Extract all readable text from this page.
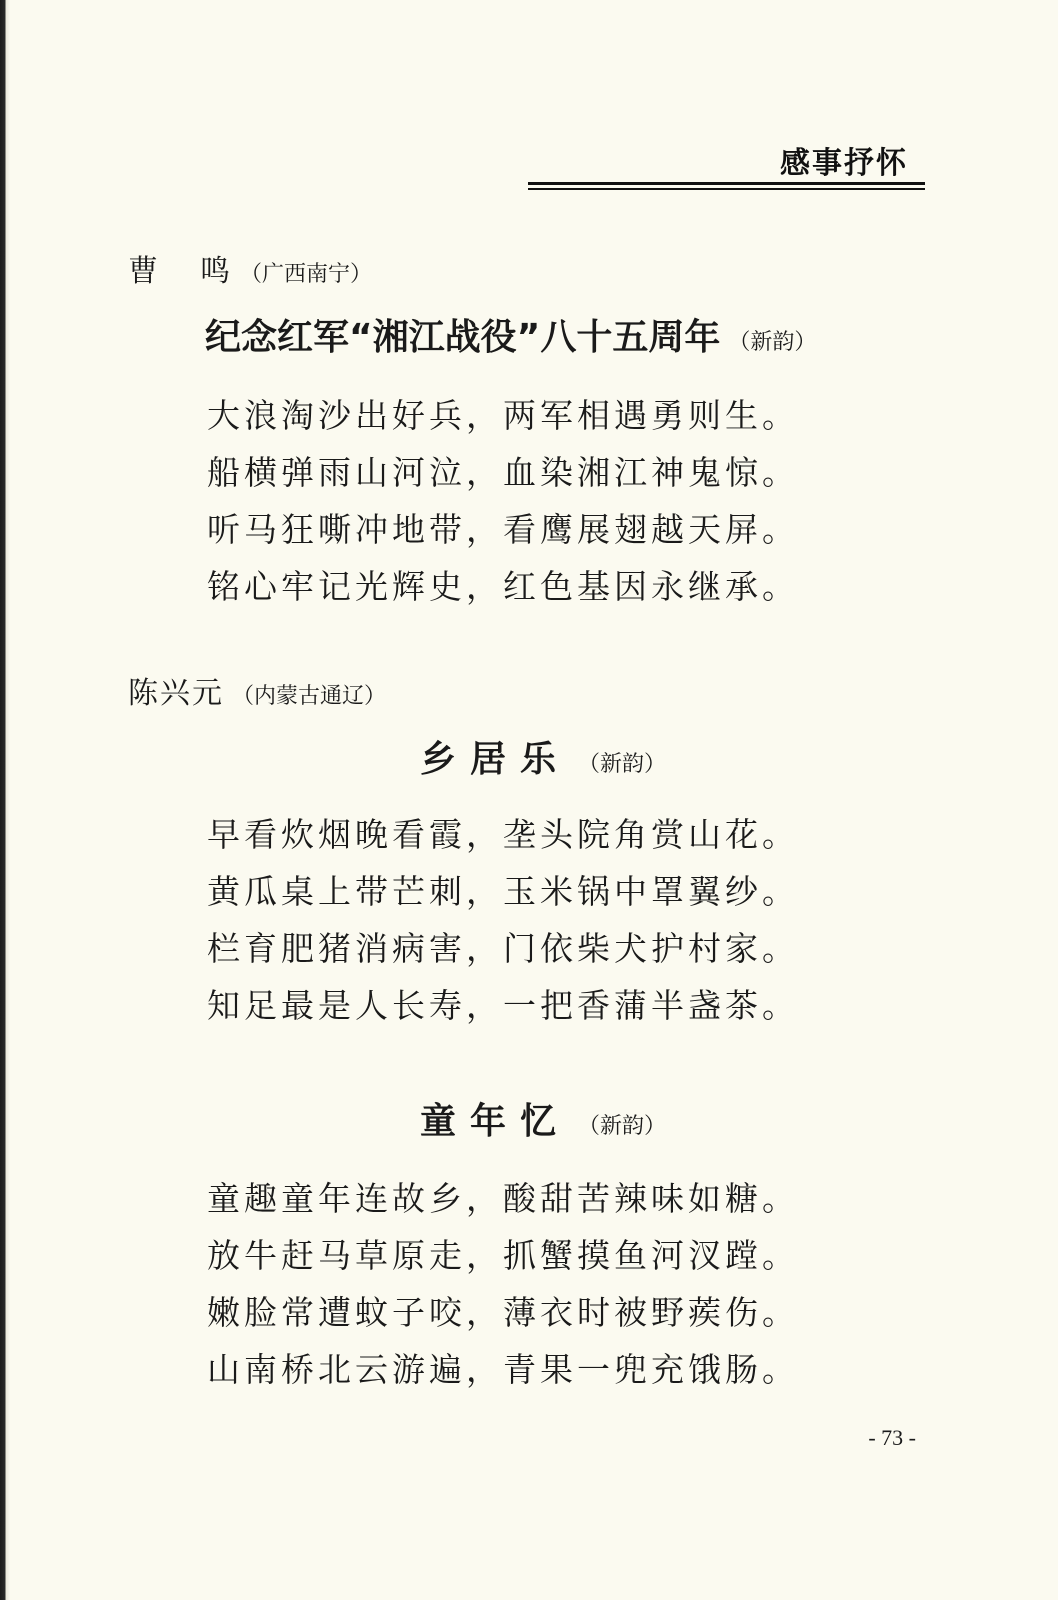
感事抒怀
曹 鸣 （广西南宁）
纪念红军“湘江战役”八十五周年 （新韵）
大浪淘沙出好兵，两军相遇勇则生。
船横弹雨山河泣，血染湘江神鬼惊。
听马狂嘶冲地带，看鹰展翅越天屏。
铭心牢记光辉史，红色基因永继承。
陈兴元 （内蒙古通辽）
乡居乐 （新韵）
早看炊烟晚看霞，垄头院角赏山花。
黄瓜桌上带芒刺，玉米锅中罩翼纱。
栏育肥猪消病害，门依柴犬护村家。
知足最是人长寿，一把香蒲半盏茶。
童年忆 （新韵）
童趣童年连故乡，酸甜苦辣味如糖。
放牛赶马草原走，抓蟹摸鱼河汊蹚。
嫩脸常遭蚊子咬，薄衣时被野蒺伤。
山南桥北云游遍，青果一兜充饿肠。
- 73 -
